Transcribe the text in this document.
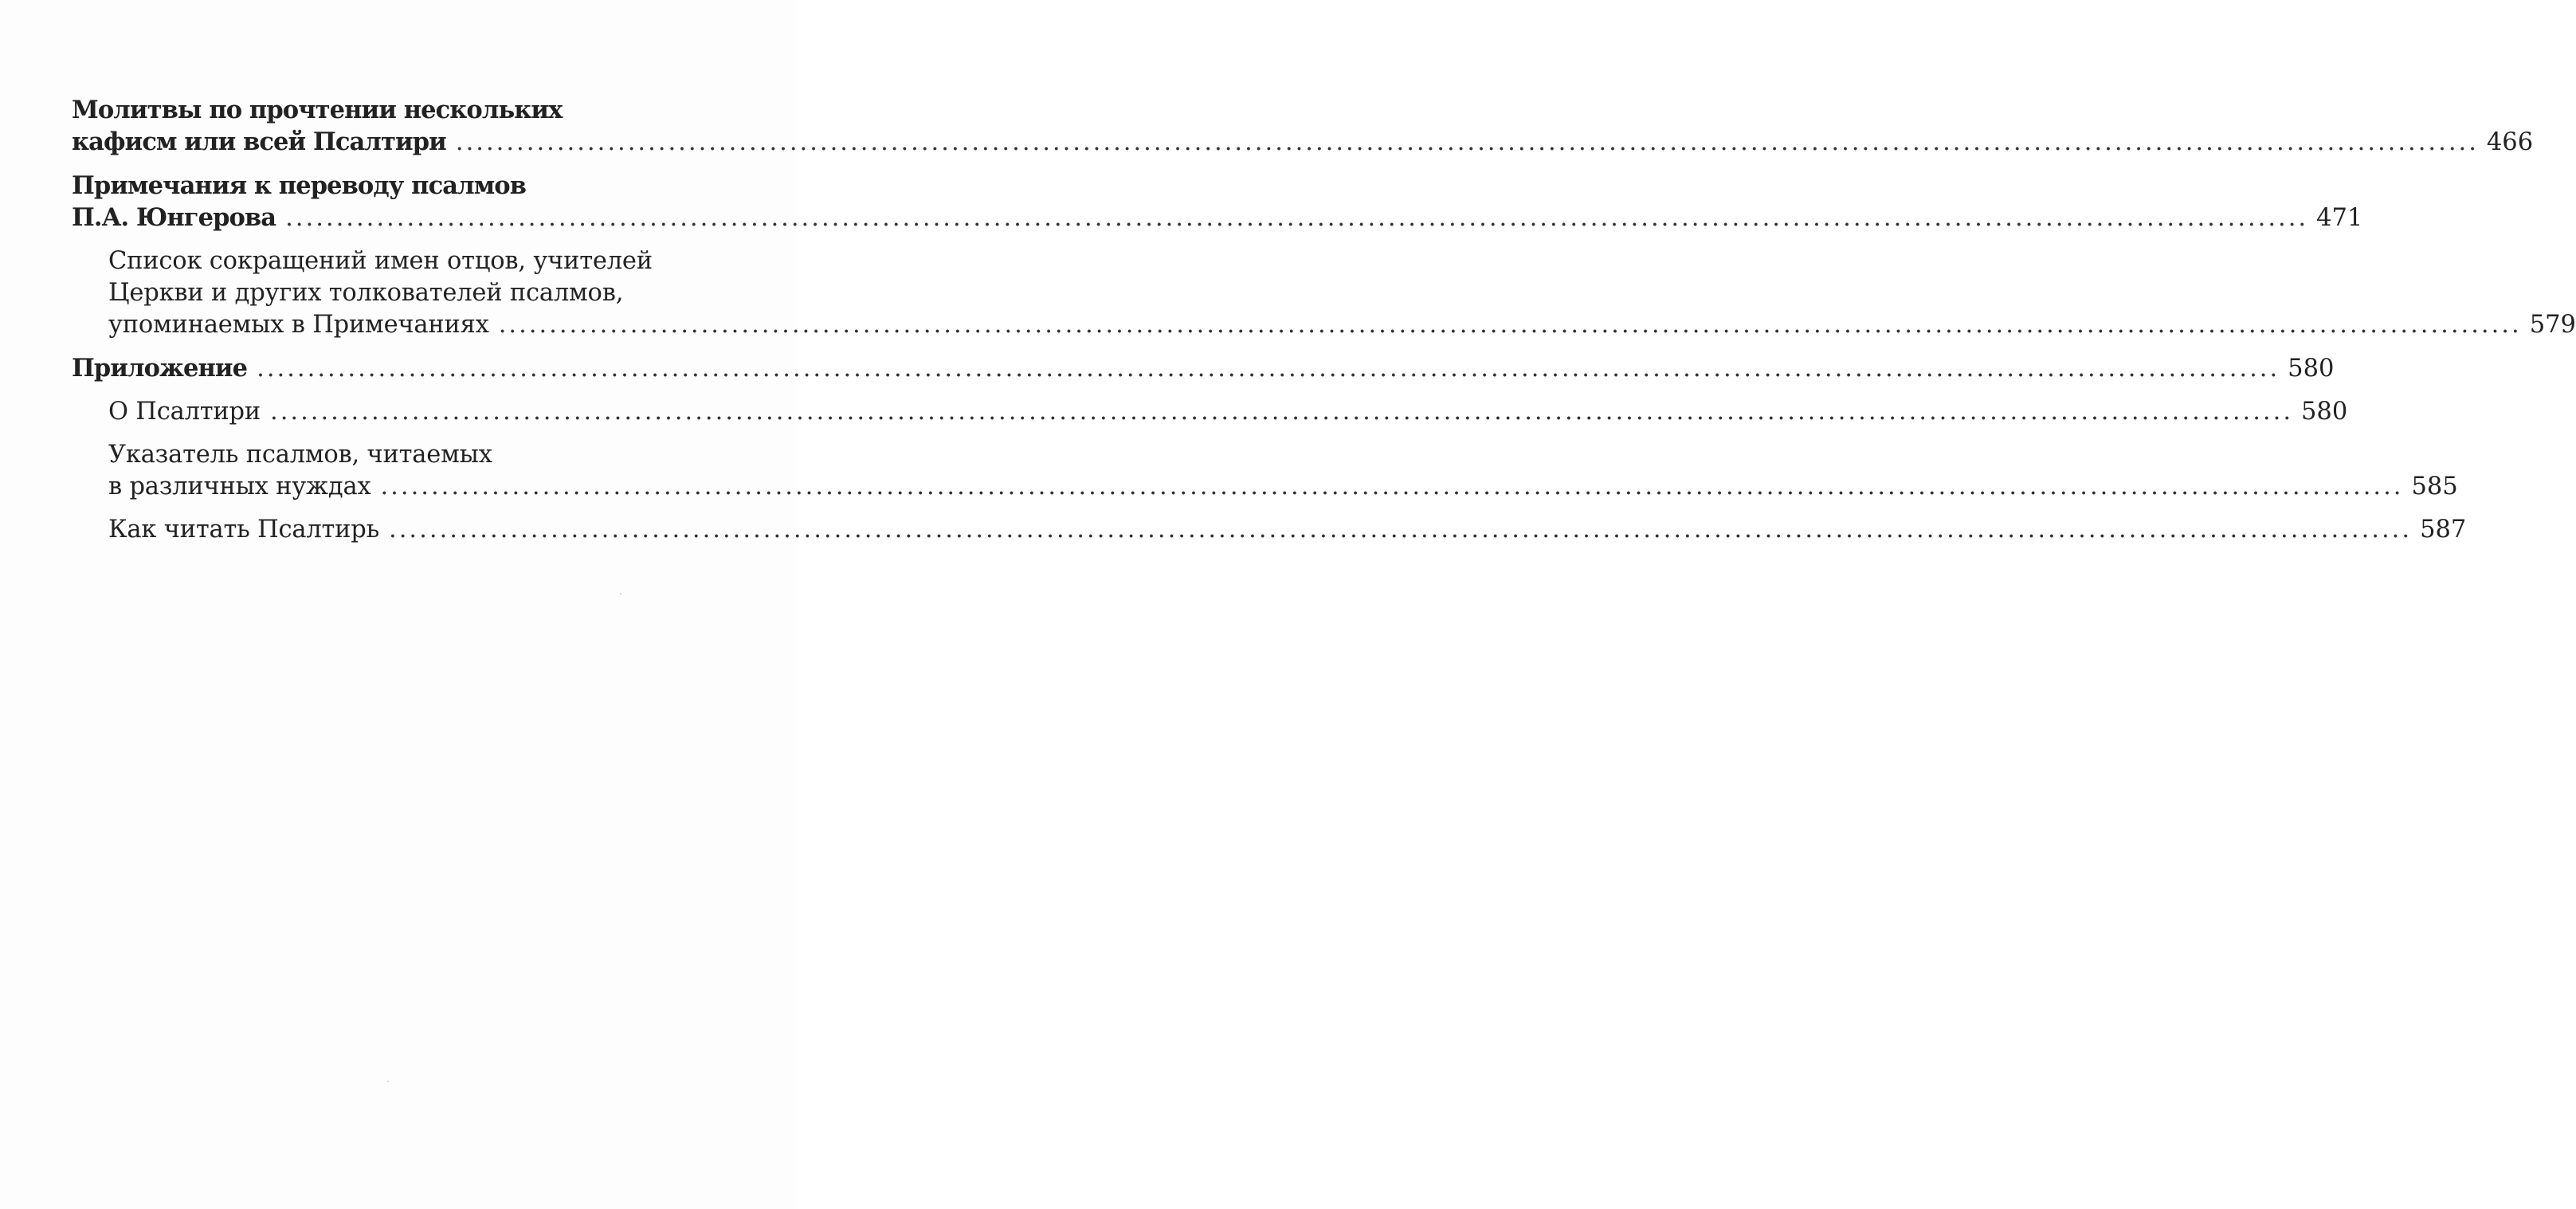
Молитвы по прочтении нескольких
кафисм или всей Псалтири ........................................................................................................................................................................................................ 466
Примечания к переводу псалмов
П.А. Юнгерова ........................................................................................................................................................................................................ 471
Список сокращений имен отцов, учителей
Церкви и других толкователей псалмов,
упоминаемых в Примечаниях ........................................................................................................................................................................................................ 579
Приложение ........................................................................................................................................................................................................ 580
О Псалтири ........................................................................................................................................................................................................ 580
Указатель псалмов, читаемых
в различных нуждах ........................................................................................................................................................................................................ 585
Как читать Псалтирь ........................................................................................................................................................................................................ 587
